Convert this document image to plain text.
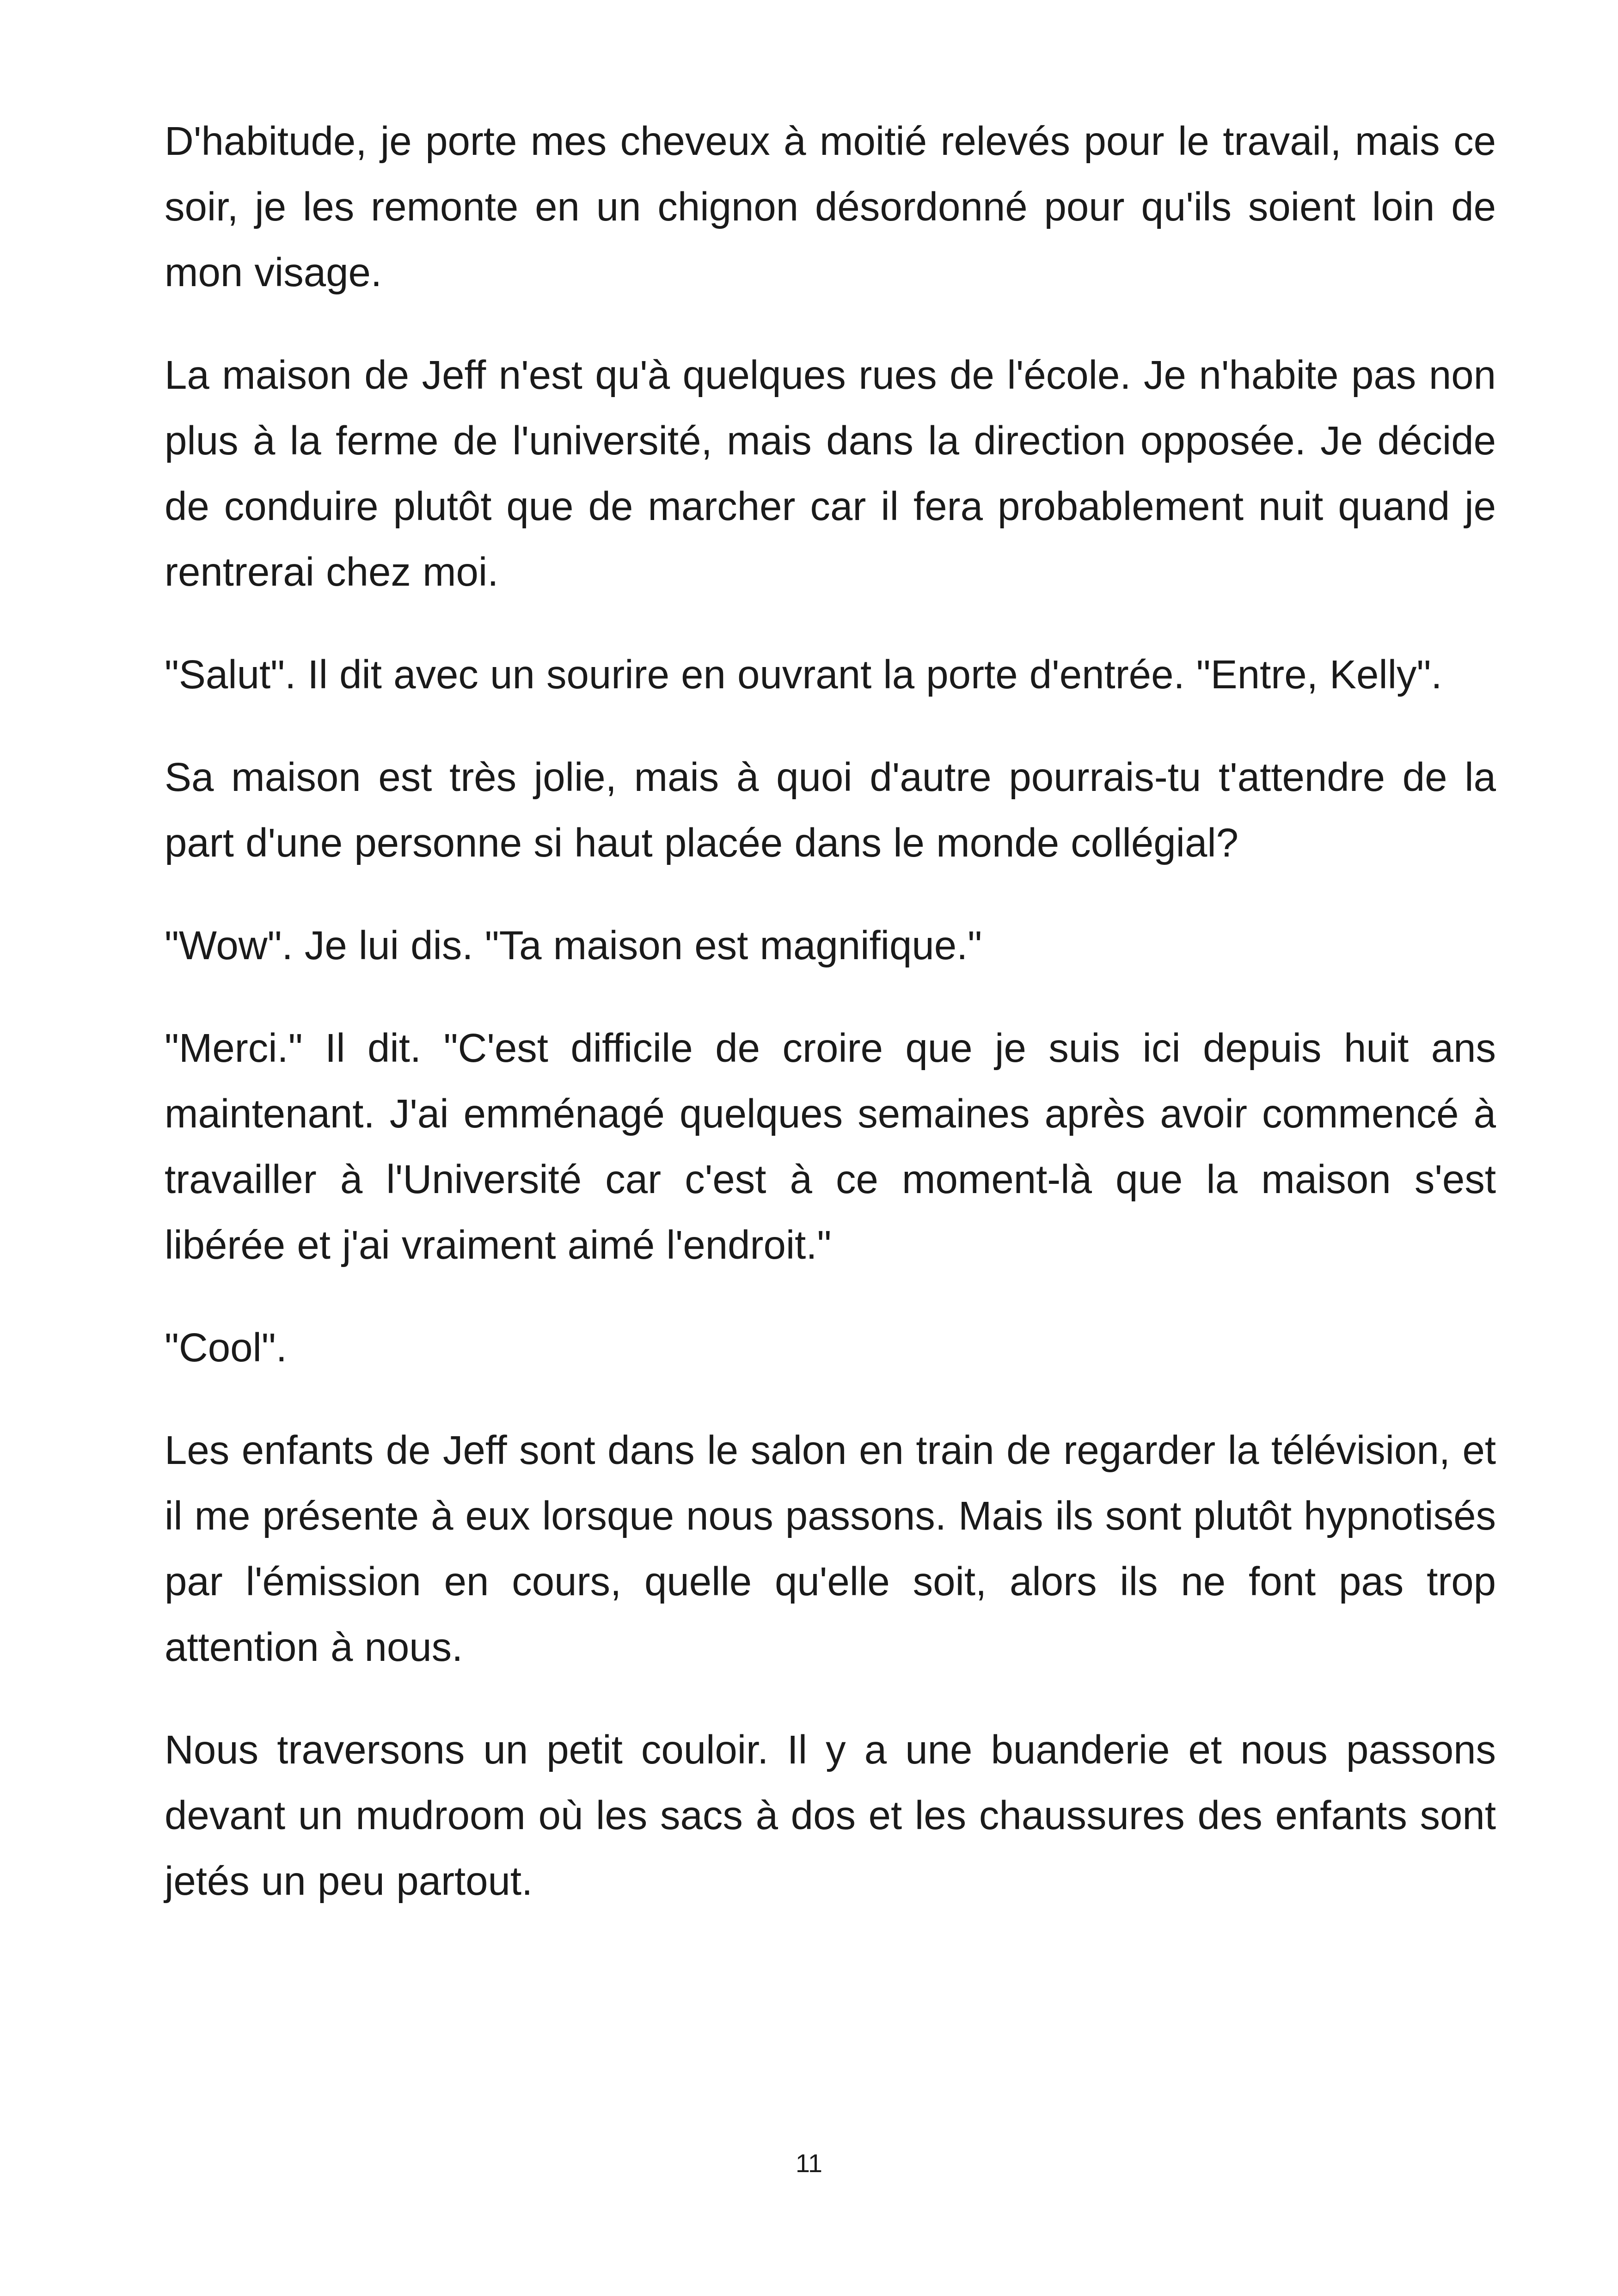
D'habitude, je porte mes cheveux à moitié relevés pour le travail, mais ce soir, je les remonte en un chignon désordonné pour qu'ils soient loin de mon visage.

La maison de Jeff n'est qu'à quelques rues de l'école. Je n'habite pas non plus à la ferme de l'université, mais dans la direction opposée. Je décide de conduire plutôt que de marcher car il fera probablement nuit quand je rentrerai chez moi.

"Salut". Il dit avec un sourire en ouvrant la porte d'entrée. "Entre, Kelly".

Sa maison est très jolie, mais à quoi d'autre pourrais-tu t'attendre de la part d'une personne si haut placée dans le monde collégial?

"Wow". Je lui dis. "Ta maison est magnifique."

"Merci." Il dit. "C'est difficile de croire que je suis ici depuis huit ans maintenant. J'ai emménagé quelques semaines après avoir commencé à travailler à l'Université car c'est à ce moment-là que la maison s'est libérée et j'ai vraiment aimé l'endroit."

"Cool".

Les enfants de Jeff sont dans le salon en train de regarder la télévision, et il me présente à eux lorsque nous passons. Mais ils sont plutôt hypnotisés par l'émission en cours, quelle qu'elle soit, alors ils ne font pas trop attention à nous.

Nous traversons un petit couloir. Il y a une buanderie et nous passons devant un mudroom où les sacs à dos et les chaussures des enfants sont jetés un peu partout.

11
